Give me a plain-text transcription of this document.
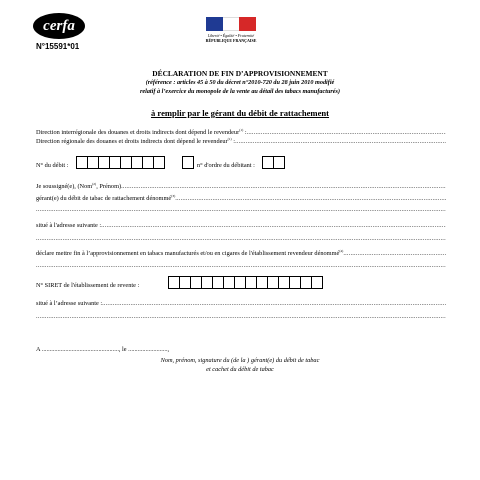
cerfa
N°15591*01
Liberté • Égalité • Fraternité
RÉPUBLIQUE FRANÇAISE
DÉCLARATION DE FIN D’APPROVISIONNEMENT
(référence : articles 45 à 50 du décret n°2010-720 du 28 juin 2010 modifié
relatif à l’exercice du monopole de la vente au détail des tabacs manufacturés)
à remplir par le gérant du débit de rattachement
Direction interrégionale des douanes et droits indirects dont dépend le revendeur$^{(1)}$ :
.....
Direction régionale des douanes et droits indirects dont dépend le revendeur$^{(1)}$ :
.....
N° du débit :	n° d'ordre du débitant :
Je soussigné(e), (Nom$^{(2)}$, Prénom)
.....
gérant(e) du débit de tabac de rattachement dénommé$^{(3)}$
.....
.....
situé à l'adresse suivante :
.....
.....
déclare mettre fin à l’approvisionnement en tabacs manufacturés et/ou en cigares de l'établissement revendeur dénommé$^{(4)}$
.....
.....
N° SIRET de l'établissement de revente :
situé à l’adresse suivante :
.....
.....
A ................................................., le .........................,
Nom, prénom, signature du (de la ) gérant(e) du débit de tabac
et cachet du débit de tabac
